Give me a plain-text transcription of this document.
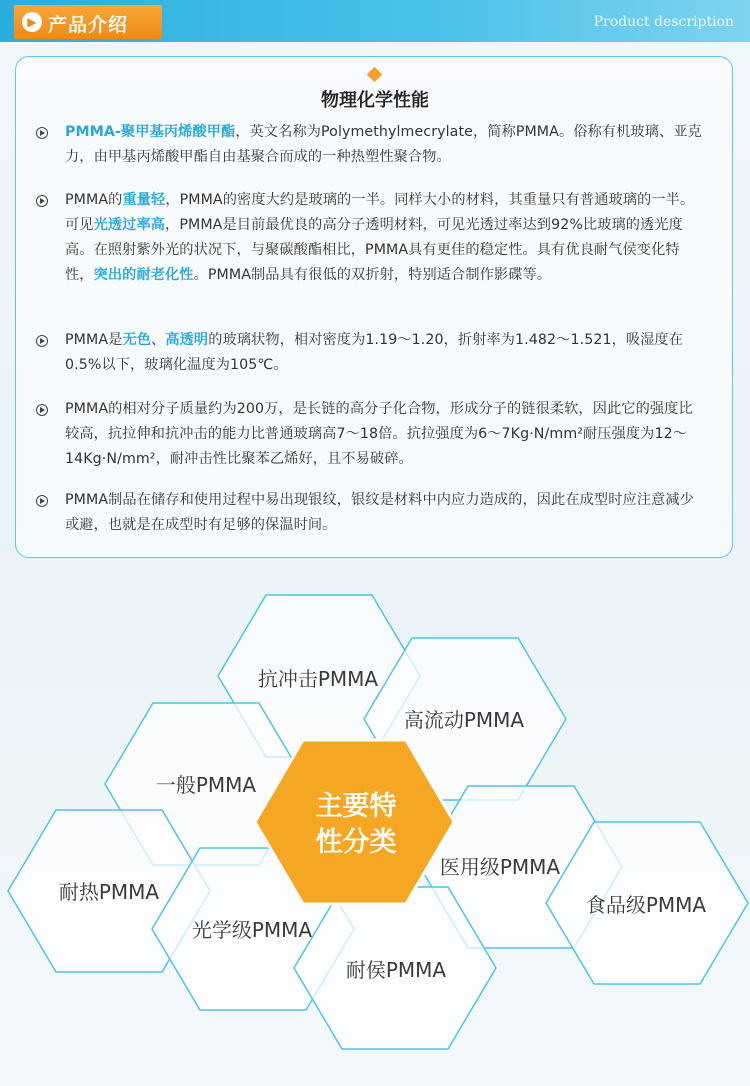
▶ 产品介绍	Product description
物理化学性能
PMMA-聚甲基丙烯酸甲酯，英文名称为Polymethylmecrylate，简称PMMA。俗称有机玻璃、亚克力，由甲基丙烯酸甲酯自由基聚合而成的一种热塑性聚合物。
PMMA的重量轻，PMMA的密度大约是玻璃的一半。同样大小的材料，其重量只有普通玻璃的一半。可见光透过率高，PMMA是目前最优良的高分子透明材料，可见光透过率达到92%比玻璃的透光度高。在照射紫外光的状况下，与聚碳酸酯相比，PMMA具有更佳的稳定性。具有优良耐气侯变化特性，突出的耐老化性。PMMA制品具有很低的双折射，特别适合制作影碟等。
PMMA是无色、高透明的玻璃状物，相对密度为1.19～1.20，折射率为1.482～1.521，吸湿度在0.5%以下，玻璃化温度为105℃。
PMMA的相对分子质量约为200万，是长链的高分子化合物，形成分子的链很柔软，因此它的强度比较高，抗拉伸和抗冲击的能力比普通玻璃高7～18倍。抗拉强度为6～7Kg·N/mm²耐压强度为12～14Kg·N/mm²，耐冲击性比聚苯乙烯好，且不易破碎。
PMMA制品在储存和使用过程中易出现银纹，银纹是材料中内应力造成的，因此在成型时应注意减少或避，也就是在成型时有足够的保温时间。
抗冲击PMMA
高流动PMMA
一般PMMA
医用级PMMA
耐热PMMA
食品级PMMA
光学级PMMA
耐侯PMMA
主要特
性分类
